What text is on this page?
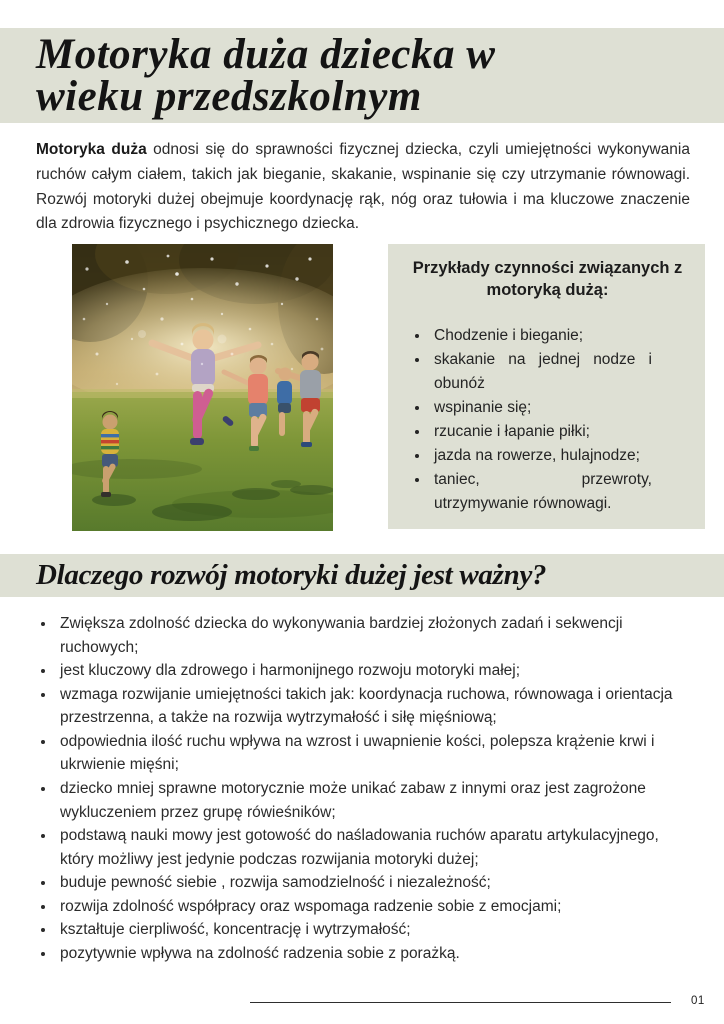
Motoryka duża dziecka w
wieku przedszkolnym

Motoryka duża odnosi się do sprawności fizycznej dziecka, czyli umiejętności wykonywania ruchów całym ciałem, takich jak bieganie, skakanie, wspinanie się czy utrzymanie równowagi. Rozwój motoryki dużej obejmuje koordynację rąk, nóg oraz tułowia i ma kluczowe znaczenie dla zdrowia fizycznego i psychicznego dziecka.

Przykłady czynności związanych z motoryką dużą:
• Chodzenie i bieganie;
• skakanie na jednej nodze i obunóż
• wspinanie się;
• rzucanie i łapanie piłki;
• jazda na rowerze, hulajnodze;
• taniec, przewroty, utrzymywanie równowagi.
Dlaczego rozwój motoryki dużej jest ważny?
• Zwiększa zdolność dziecka do wykonywania bardziej złożonych zadań i sekwencji ruchowych;
• jest kluczowy dla zdrowego i harmonijnego rozwoju motoryki małej;
• wzmaga rozwijanie umiejętności takich jak: koordynacja ruchowa, równowaga i orientacja przestrzenna, a także na rozwija wytrzymałość i siłę mięśniową;
• odpowiednia ilość ruchu wpływa na wzrost i uwapnienie kości, polepsza krążenie krwi i ukrwienie mięśni;
• dziecko mniej sprawne motorycznie może unikać zabaw z innymi oraz jest zagrożone wykluczeniem przez grupę rówieśników;
• podstawą nauki mowy jest gotowość do naśladowania ruchów aparatu artykulacyjnego, który możliwy jest jedynie podczas rozwijania motoryki dużej;
• buduje pewność siebie , rozwija samodzielność i niezależność;
• rozwija zdolność współpracy oraz wspomaga radzenie sobie z emocjami;
• kształtuje cierpliwość, koncentrację i wytrzymałość;
• pozytywnie wpływa na zdolność radzenia sobie z porażką.
01
